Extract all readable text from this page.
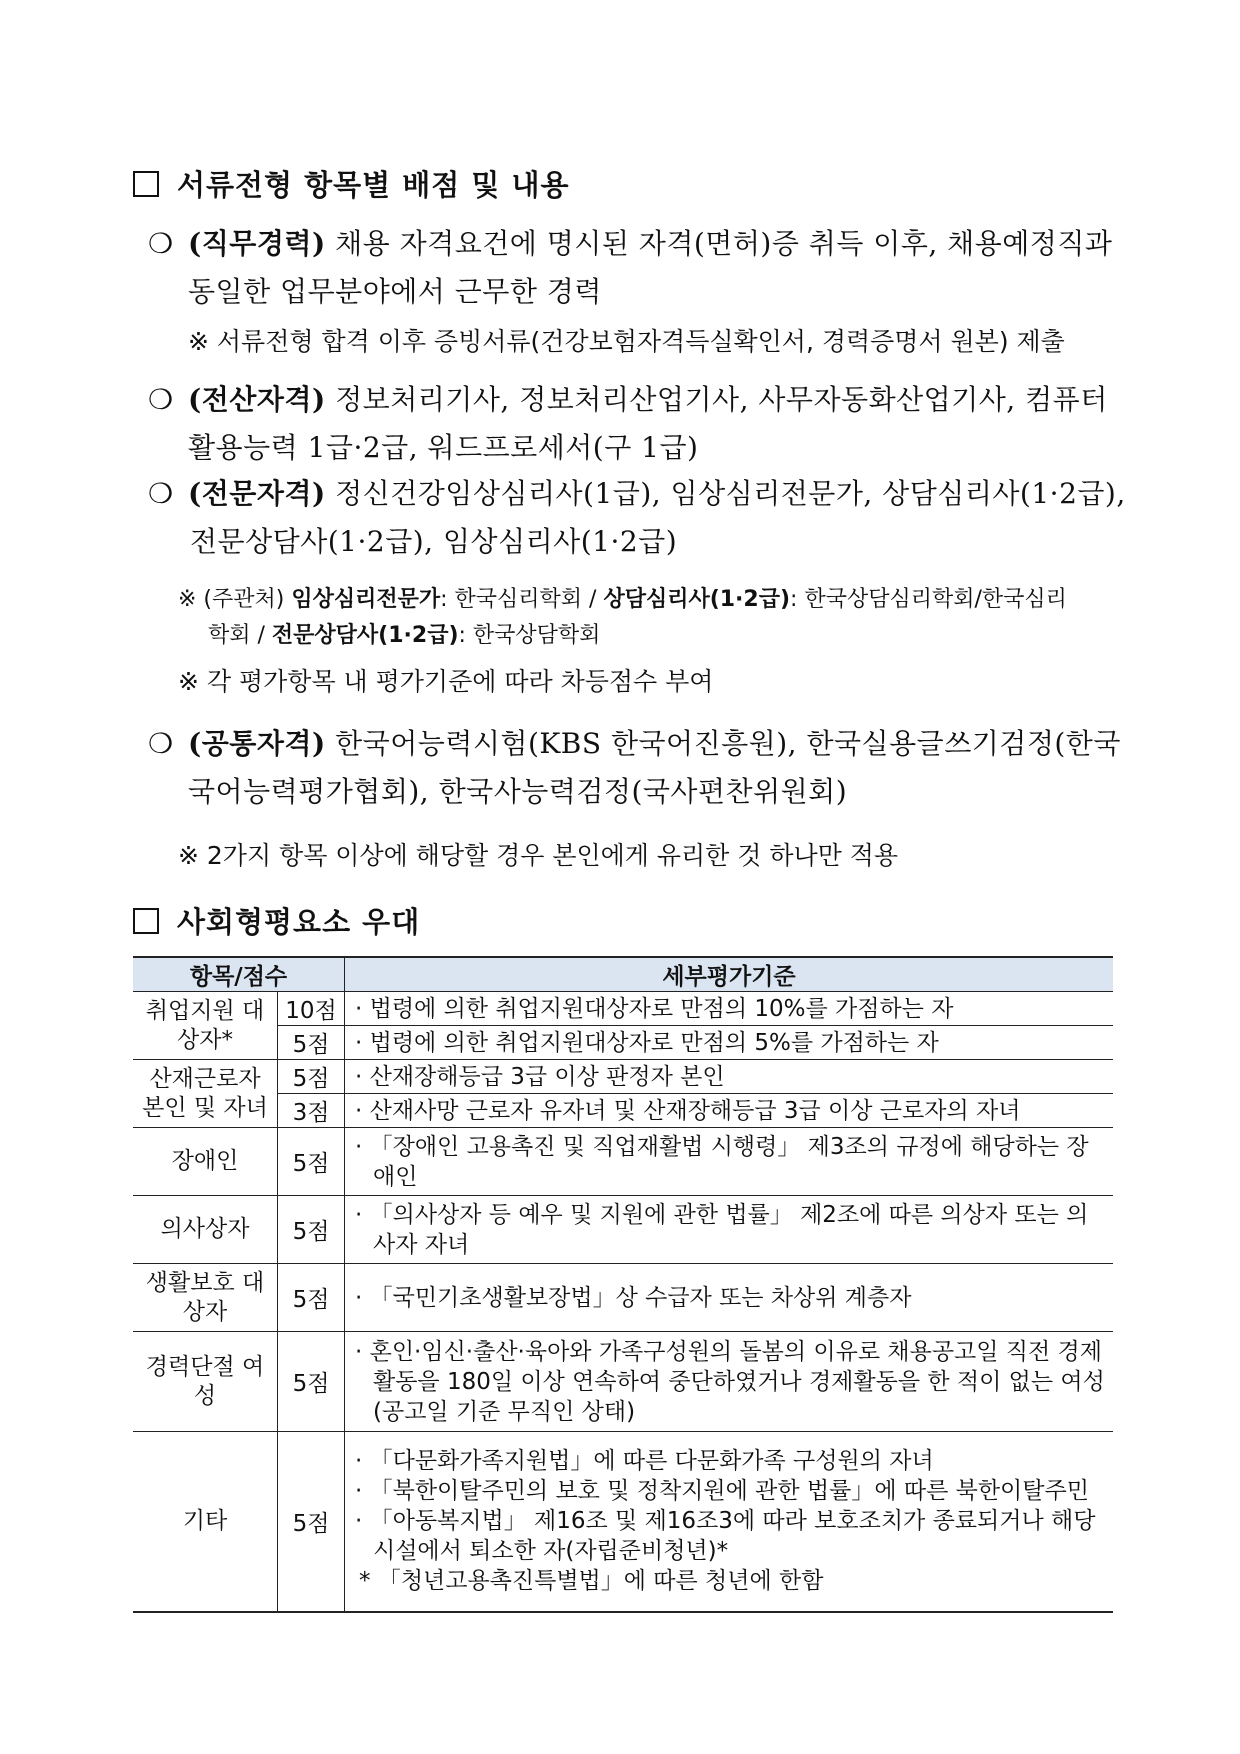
서류전형 항목별 배점 및 내용
❍ (직무경력) 채용 자격요건에 명시된 자격(면허)증 취득 이후, 채용예정직과
동일한 업무분야에서 근무한 경력
※ 서류전형 합격 이후 증빙서류(건강보험자격득실확인서, 경력증명서 원본) 제출
❍ (전산자격) 정보처리기사, 정보처리산업기사, 사무자동화산업기사, 컴퓨터
활용능력 1급·2급, 워드프로세서(구 1급)
❍ (전문자격) 정신건강임상심리사(1급), 임상심리전문가, 상담심리사(1·2급),
전문상담사(1·2급), 임상심리사(1·2급)
※ (주관처) 임상심리전문가: 한국심리학회 / 상담심리사(1·2급): 한국상담심리학회/한국심리
학회 / 전문상담사(1·2급): 한국상담학회
※ 각 평가항목 내 평가기준에 따라 차등점수 부여
❍ (공통자격) 한국어능력시험(KBS 한국어진흥원), 한국실용글쓰기검정(한국
국어능력평가협회), 한국사능력검정(국사편찬위원회)
※ 2가지 항목 이상에 해당할 경우 본인에게 유리한 것 하나만 적용
사회형평요소 우대
항목/점수		세부평가기준
취업지원 대상자*	10점	· 법령에 의한 취업지원대상자로 만점의 10%를 가점하는 자

	5점	· 법령에 의한 취업지원대상자로 만점의 5%를 가점하는 자

산재근로자 본인 및 자녀	5점	· 산재장해등급 3급 이상 판정자 본인

	3점	· 산재사망 근로자 유자녀 및 산재장해등급 3급 이상 근로자의 자녀

장애인	5점	· 「장애인 고용촉진 및 직업재활법 시행령」 제3조의 규정에 해당하는 장애인

의사상자	5점	· 「의사상자 등 예우 및 지원에 관한 법률」 제2조에 따른 의상자 또는 의사자 자녀

생활보호 대상자	5점	· 「국민기초생활보장법」상 수급자 또는 차상위 계층자

경력단절 여성	5점	· 혼인·임신·출산·육아와 가족구성원의 돌봄의 이유로 채용공고일 직전 경제활동을 180일 이상 연속하여 중단하였거나 경제활동을 한 적이 없는 여성(공고일 기준 무직인 상태)

기타	5점	· 「다문화가족지원법」에 따른 다문화가족 구성원의 자녀
· 「북한이탈주민의 보호 및 정착지원에 관한 법률」에 따른 북한이탈주민
· 「아동복지법」 제16조 및 제16조3에 따라 보호조치가 종료되거나 해당 시설에서 퇴소한 자(자립준비청년)*
* 「청년고용촉진특별법」에 따른 청년에 한함
